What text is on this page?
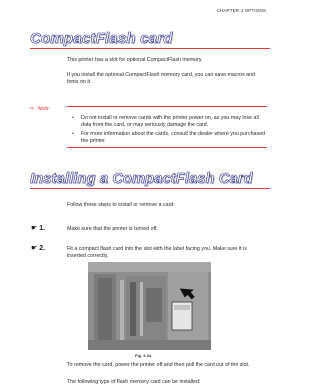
CHAPTER 4 OPTIONS
CompactFlash card
This printer has a slot for optional CompactFlash memory.
If you install the optional CompactFlash memory card, you can save macros and fonts on it.
➪ Note
• Do not install or remove cards with the printer power on, as you may lose all data from the card, or may seriously damage the card.
• For more information about the cards, consult the dealer where you purchased the printer.
Installing a CompactFlash Card
Follow these steps to install or remove a card:
☛ 1.	Make sure that the printer is turned off.
☛ 2.	Fit a compact flash card into the slot with the label facing you. Make sure it is inserted correctly.
Fig. 4-04
To remove the card, power the printer off and then pull the card out of the slot.
The following type of flash memory card can be installed:
